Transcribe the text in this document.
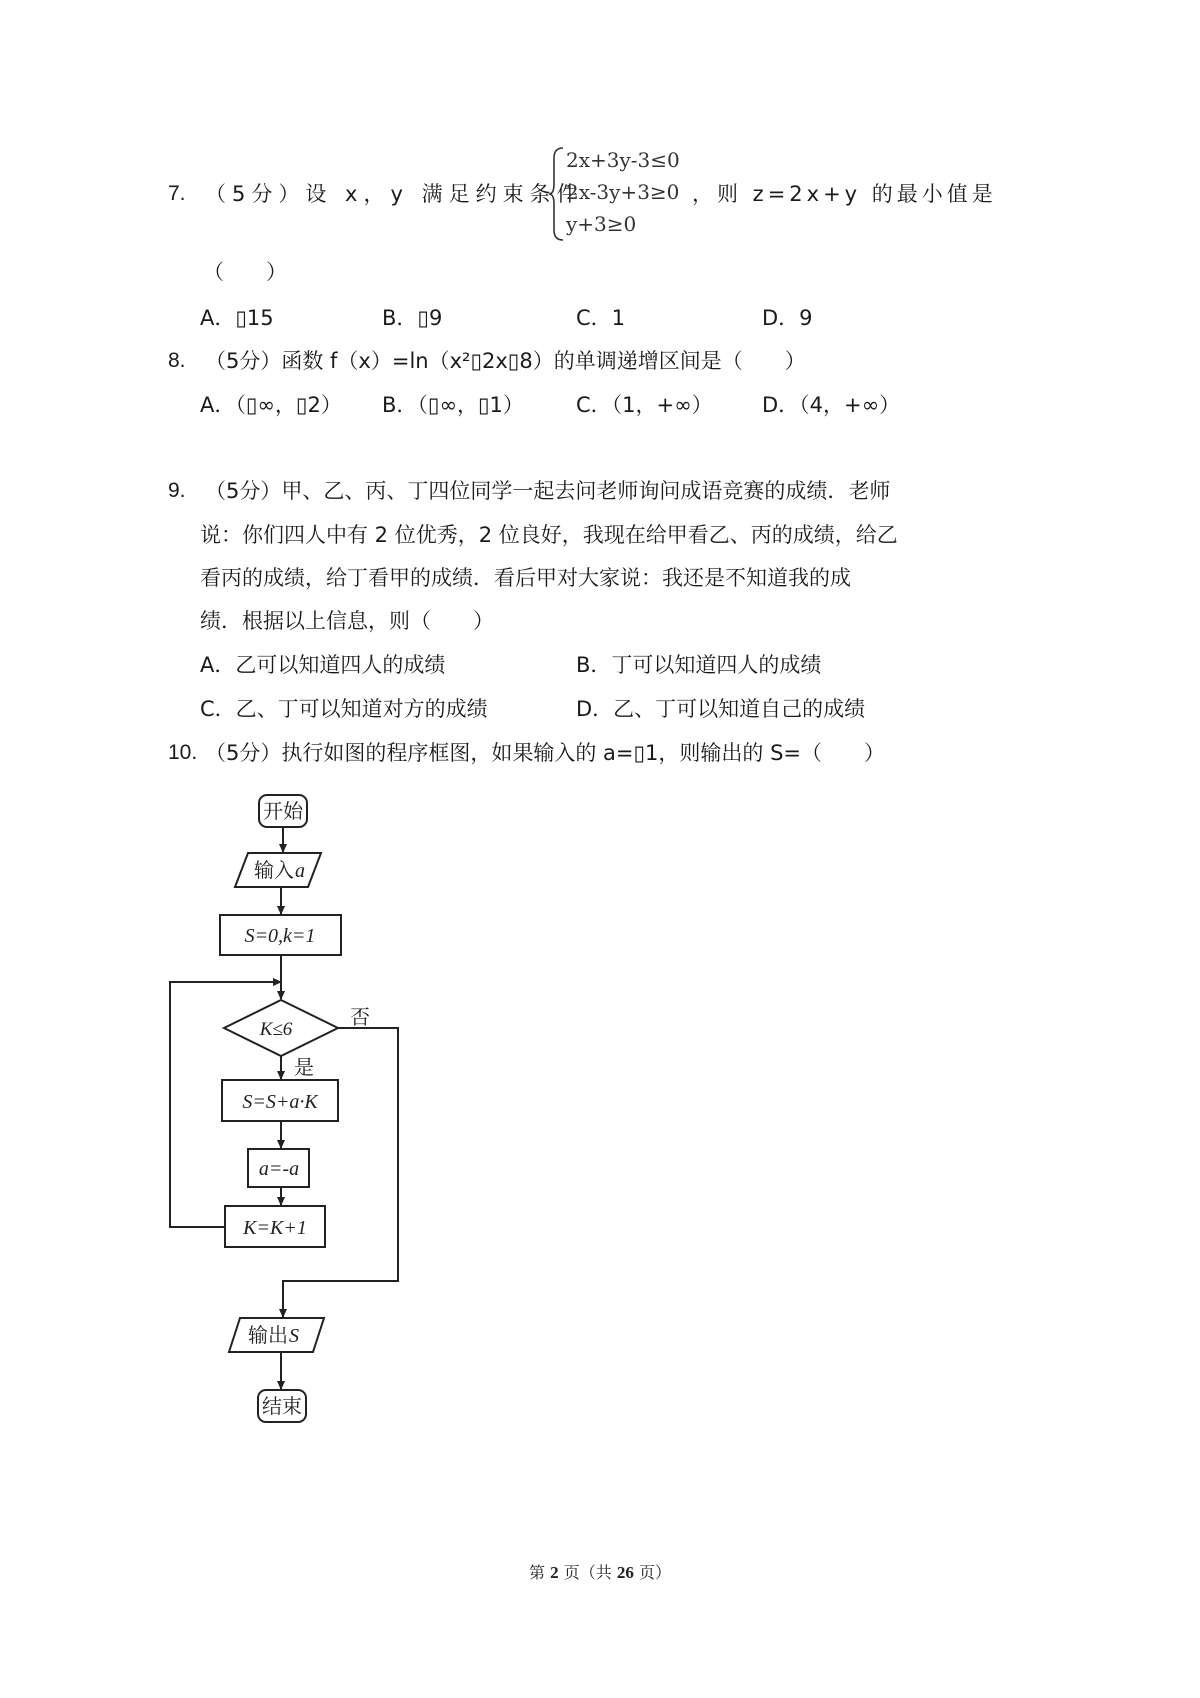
7. （5分）设 x，y 满足约束条件
2x+3y-3≤0
2x-3y+3≥0
y+3≥0
，则 z=2x+y 的最小值是
（　　）
A．▯15	B．▯9	C．1	D．9
8. （5分）函数 f（x）=ln（x²▯2x▯8）的单调递增区间是（　　）
A．（▯∞，▯2） B．（▯∞，▯1） C．（1，+∞） D．（4，+∞）
9. （5分）甲、乙、丙、丁四位同学一起去问老师询问成语竞赛的成绩．老师
说：你们四人中有 2 位优秀，2 位良好，我现在给甲看乙、丙的成绩，给乙
看丙的成绩，给丁看甲的成绩．看后甲对大家说：我还是不知道我的成
绩．根据以上信息，则（　　）
A．乙可以知道四人的成绩	B．丁可以知道四人的成绩
C．乙、丁可以知道对方的成绩	D．乙、丁可以知道自己的成绩
10. （5分）执行如图的程序框图，如果输入的 a=▯1，则输出的 S=（　　）
开始
输入a
S=0,k=1
K≤6
否
是
S=S+a·K
a=-a
K=K+1
输出S
结束
第 2 页（共 26 页）
